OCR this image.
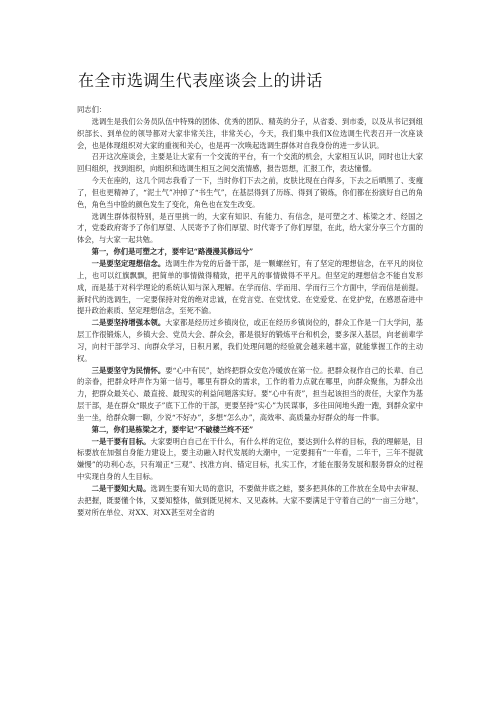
在全市选调生代表座谈会上的讲话

同志们：

选调生是我们公务员队伍中特殊的团体、优秀的团队、精英的分子，从省委、到市委，以及从书记到组织部长、到单位的领导都对大家非常关注，非常关心，今天，我们集中我们X位选调生代表召开一次座谈会，也是体现组织对大家的重视和关心，也是再一次唤起选调生群体对自我身份的进一步认识。

召开这次座谈会，主要是让大家有一个交流的平台，有一个交流的机会，大家相互认识，同时也让大家回归组织，找到组织，向组织和选调生相互之间交流情感，报告思想，汇报工作，表达憧憬。

今天在座的，这几个同志我看了一下，当时你们下去之前，皮肤比现在白得多，下去之后晒黑了、变瘦了，但也更精神了，“泥土气”冲掉了“书生气”，在基层得到了历练、得到了锻炼，你们都在扮演好自己的角色，角色当中脸的颜色发生了变化，角色也在发生改变。

选调生群体很特别，是百里挑一的，大家有知识、有能力、有信念，是可塑之才、栋梁之才、经国之才，党委政府寄予了你们厚望、人民寄予了你们厚望、时代寄予了你们厚望，在此，给大家分享三个方面的体会，与大家一起共勉。

第一，你们是可塑之才，要牢记“路漫漫其修远兮”

一是要坚定理想信念。选调生作为党的后备干部，是一颗螺丝钉，有了坚定的理想信念，在平凡的岗位上，也可以红旗飘飘，把简单的事情做得精致，把平凡的事情做得不平凡。但坚定的理想信念不能自发形成，而是基于对科学理论的系统认知与深入理解。在学而信、学而用、学而行三个方面中，学而信是前提。新时代的选调生，一定要保持对党的绝对忠诚，在党言党、在党忧党、在党爱党、在党护党，在感恩奋进中提升政治素质、坚定理想信念，至死不渝。

二是要坚持增强本领。大家都是经历过乡镇岗位，或正在经历乡镇岗位的，群众工作是一门大学问，基层工作很锻炼人，乡镇大会、党员大会、群众会，都是很好的锻炼平台和机会，要多深入基层，向老前辈学习，向村干部学习、向群众学习，日积月累，我们处理问题的经验就会越来越丰富，就能掌握工作的主动权。

三是要坚守为民情怀。要“心中有民”，始终把群众安危冷暖放在第一位。把群众视作自己的长辈、自己的亲眷，把群众呼声作为第一信号，哪里有群众的需求，工作的着力点就在哪里，向群众聚焦，为群众出力，把群众最关心、最直接、最现实的利益问题落实好。要“心中有责”，担当起该担当的责任，大家作为基层干部，是在群众“眼皮子”底下工作的干部，更要坚持“实心”为民谋事，多往田间地头跑一跑，到群众家中坐一坐，给群众聊一聊，少说“不好办”，多想“怎么办”，高效率、高质量办好群众的每一件事。

第二，你们是栋梁之才，要牢记“不破楼兰终不还”

一是干要有目标。大家要明白自己在干什么，有什么样的定位，要达到什么样的目标，我的理解是，目标要放在加强自身能力建设上，要主动融入时代发展的大潮中，一定要拥有“一年看，二年干，三年不提就嫌慢”的功利心态，只有端正“三观”、找准方向、锚定目标，扎实工作，才能在服务发展和服务群众的过程中实现自身的人生目标。

二是干要知大局。选调生要有知大局的意识，不要做井底之蛙，要多把具体的工作放在全局中去审视、去把握，既要懂个体，又要知整体，做到既见树木、又见森林。大家不要满足于守着自己的“一亩三分地”，要对所在单位、对XX、对XX甚至对全省的
